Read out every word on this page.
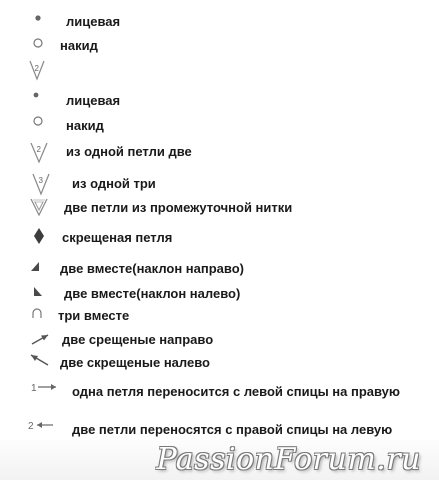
лицевая
накид
2
лицевая
накид
2 из одной петли две
3 из одной три
две петли из промежуточной нитки
скрещеная петля
две вместе(наклон направо)
две вместе(наклон налево)
три вместе
две срещеные направо
две скрещеные налево
1	одна петля переносится с левой спицы на правую
2	две петли переносятся с правой спицы на левую
PassionForum.ru
